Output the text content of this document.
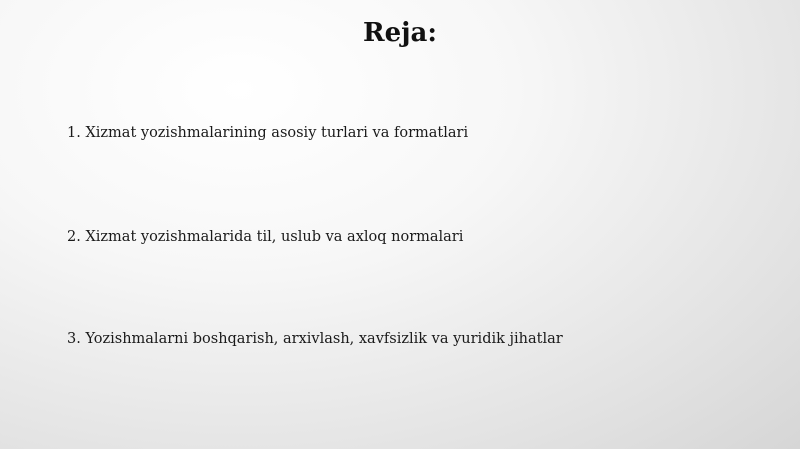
Reja:
1. Xizmat yozishmalarining asosiy turlari va formatlari
2. Xizmat yozishmalarida til, uslub va axloq normalari
3. Yozishmalarni boshqarish, arxivlash, xavfsizlik va yuridik jihatlar
